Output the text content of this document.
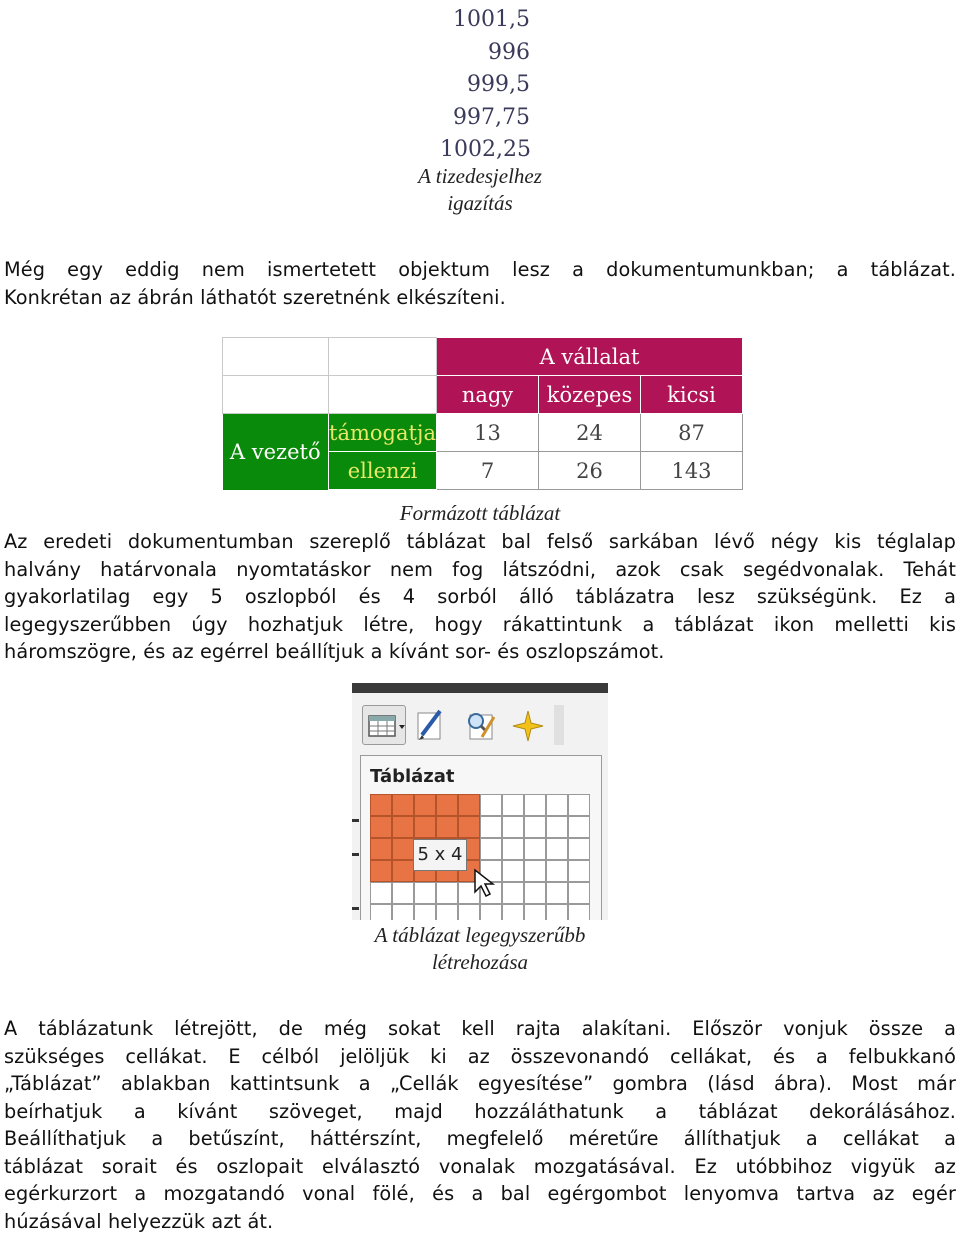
1001,5
996
999,5
997,75
1002,25
A tizedesjelhez
igazítás
Még egy eddig nem ismertetett objektum lesz a dokumentumunkban; a táblázat.
Konkrétan az ábrán láthatót szeretnénk elkészíteni.
		A vállalat		
		nagy	közepes	kicsi
A vezető	támogatja	13	24	87
	ellenzi	7	26	143
Formázott táblázat
Az eredeti dokumentumban szereplő táblázat bal felső sarkában lévő négy kis téglalap
halvány határvonala nyomtatáskor nem fog látszódni, azok csak segédvonalak. Tehát
gyakorlatilag egy 5 oszlopból és 4 sorból álló táblázatra lesz szükségünk. Ez a
legegyszerűbben úgy hozhatjuk létre, hogy rákattintunk a táblázat ikon melletti kis
háromszögre, és az egérrel beállítjuk a kívánt sor- és oszlopszámot.
Táblázat
5 x 4
A táblázat legegyszerűbb
létrehozása
A táblázatunk létrejött, de még sokat kell rajta alakítani. Először vonjuk össze a
szükséges cellákat. E célból jelöljük ki az összevonandó cellákat, és a felbukkanó
„Táblázat” ablakban kattintsunk a „Cellák egyesítése” gombra (lásd ábra). Most már
beírhatjuk a kívánt szöveget, majd hozzáláthatunk a táblázat dekorálásához.
Beállíthatjuk a betűszínt, háttérszínt, megfelelő méretűre állíthatjuk a cellákat a
táblázat sorait és oszlopait elválasztó vonalak mozgatásával. Ez utóbbihoz vigyük az
egérkurzort a mozgatandó vonal fölé, és a bal egérgombot lenyomva tartva az egér
húzásával helyezzük azt át.
